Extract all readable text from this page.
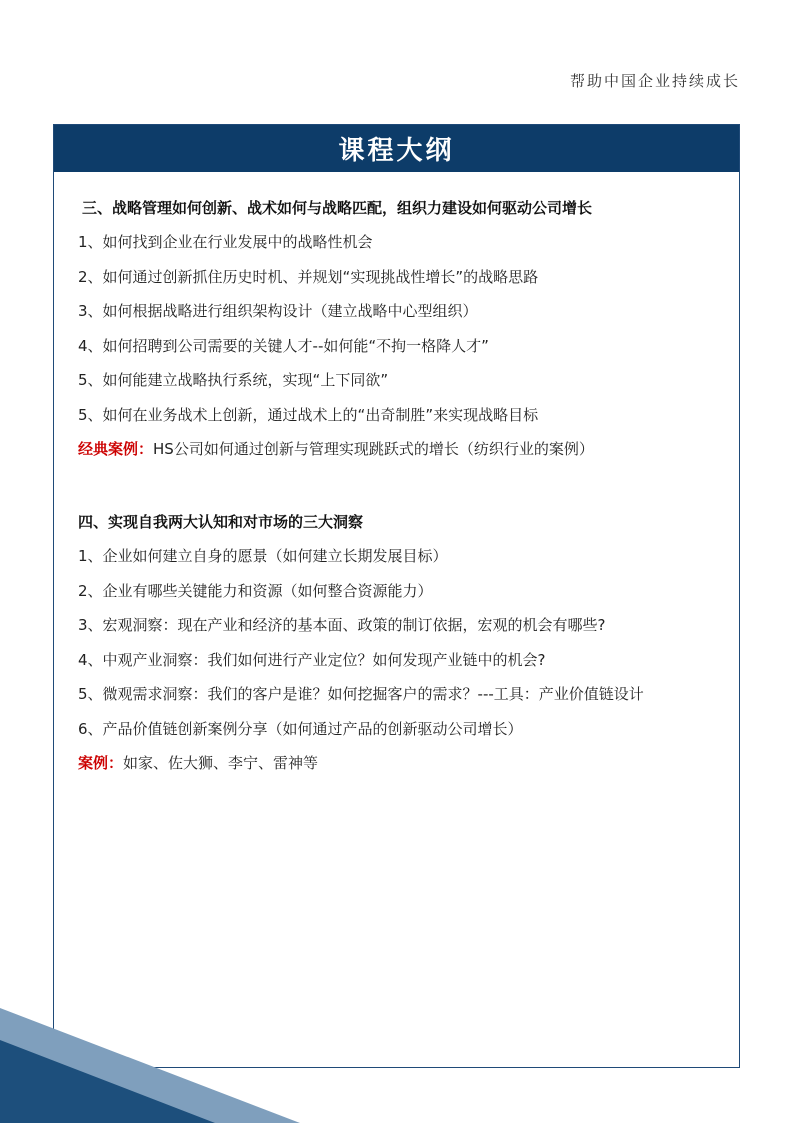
帮助中国企业持续成长
课程大纲
三、战略管理如何创新、战术如何与战略匹配，组织力建设如何驱动公司增长
1、如何找到企业在行业发展中的战略性机会
2、如何通过创新抓住历史时机、并规划“实现挑战性增长”的战略思路
3、如何根据战略进行组织架构设计（建立战略中心型组织）
4、如何招聘到公司需要的关键人才--如何能“不拘一格降人才”
5、如何能建立战略执行系统，实现“上下同欲”
5、如何在业务战术上创新，通过战术上的“出奇制胜”来实现战略目标
经典案例：HS公司如何通过创新与管理实现跳跃式的增长（纺织行业的案例）
四、实现自我两大认知和对市场的三大洞察
1、企业如何建立自身的愿景（如何建立长期发展目标）
2、企业有哪些关键能力和资源（如何整合资源能力）
3、宏观洞察：现在产业和经济的基本面、政策的制订依据，宏观的机会有哪些?
4、中观产业洞察：我们如何进行产业定位？如何发现产业链中的机会?
5、微观需求洞察：我们的客户是谁？如何挖掘客户的需求？---工具：产业价值链设计
6、产品价值链创新案例分享（如何通过产品的创新驱动公司增长）
案例：如家、佐大狮、李宁、雷神等
